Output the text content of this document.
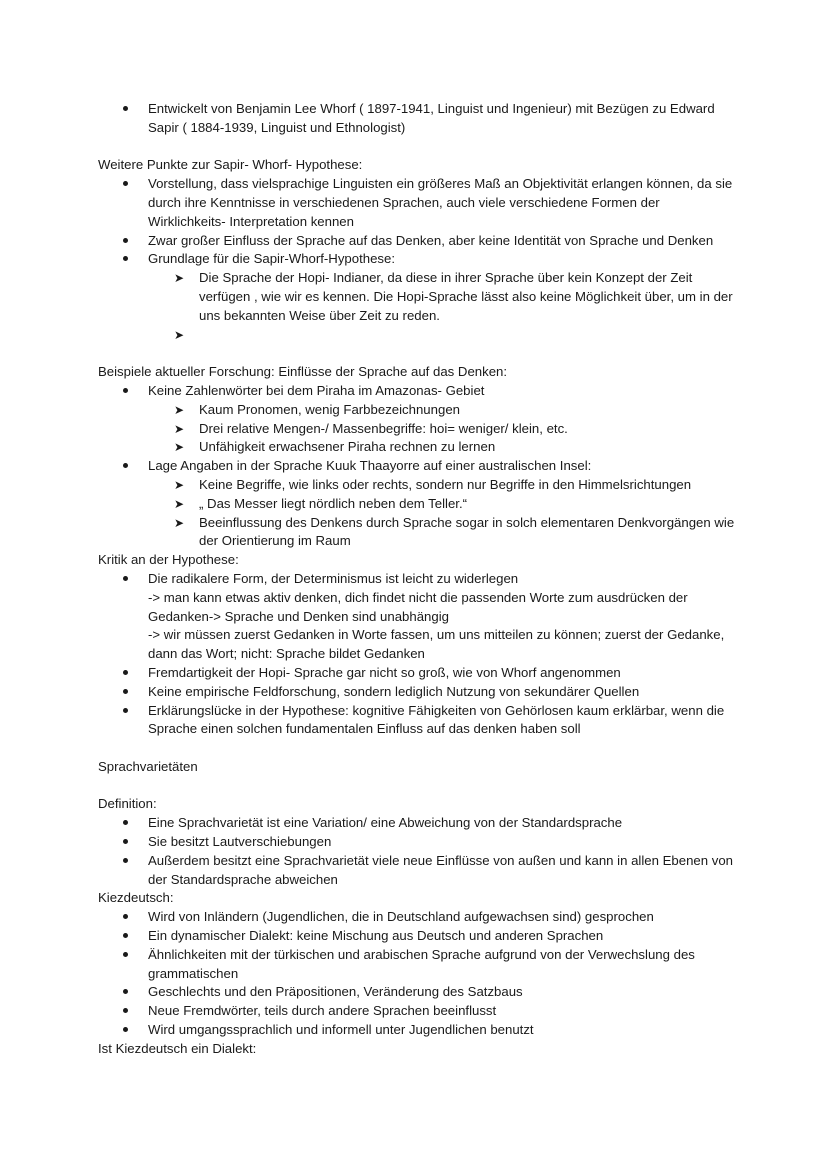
Entwickelt von Benjamin Lee Whorf ( 1897-1941, Linguist und Ingenieur) mit Bezügen zu Edward Sapir ( 1884-1939, Linguist und Ethnologist)
Weitere Punkte zur Sapir- Whorf- Hypothese:
Vorstellung, dass vielsprachige Linguisten ein größeres Maß an Objektivität erlangen können, da sie durch ihre Kenntnisse in verschiedenen Sprachen, auch viele verschiedene Formen der Wirklichkeits- Interpretation kennen
Zwar großer Einfluss der Sprache auf das Denken, aber keine Identität von Sprache und Denken
Grundlage für die Sapir-Whorf-Hypothese:
➤ Die Sprache der Hopi- Indianer, da diese in ihrer Sprache über kein Konzept der Zeit verfügen , wie wir es kennen. Die Hopi-Sprache lässt also keine Möglichkeit über, um in der uns bekannten Weise über Zeit zu reden.
➤
Beispiele aktueller Forschung: Einflüsse der Sprache auf das Denken:
Keine Zahlenwörter bei dem Piraha im Amazonas- Gebiet
➤ Kaum Pronomen, wenig Farbbezeichnungen
➤ Drei relative Mengen-/ Massenbegriffe: hoi= weniger/ klein, etc.
➤ Unfähigkeit erwachsener Piraha rechnen zu lernen
Lage Angaben in der Sprache Kuuk Thaayorre auf einer australischen Insel:
➤ Keine Begriffe, wie links oder rechts, sondern nur Begriffe in den Himmelsrichtungen
➤ „ Das Messer liegt nördlich neben dem Teller.“
➤ Beeinflussung des Denkens durch Sprache sogar in solch elementaren Denkvorgängen wie der Orientierung im Raum
Kritik an der Hypothese:
Die radikalere Form, der Determinismus ist leicht zu widerlegen
-> man kann etwas aktiv denken, dich findet nicht die passenden Worte zum ausdrücken der Gedanken-> Sprache und Denken sind unabhängig
-> wir müssen zuerst Gedanken in Worte fassen, um uns mitteilen zu können; zuerst der Gedanke, dann das Wort; nicht: Sprache bildet Gedanken
Fremdartigkeit der Hopi- Sprache gar nicht so groß, wie von Whorf angenommen
Keine empirische Feldforschung, sondern lediglich Nutzung von sekundärer Quellen
Erklärungslücke in der Hypothese: kognitive Fähigkeiten von Gehörlosen kaum erklärbar, wenn die Sprache einen solchen fundamentalen Einfluss auf das denken haben soll
Sprachvarietäten
Definition:
Eine Sprachvarietät ist eine Variation/ eine Abweichung von der Standardsprache
Sie besitzt Lautverschiebungen
Außerdem besitzt eine Sprachvarietät viele neue Einflüsse von außen und kann in allen Ebenen von der Standardsprache abweichen
Kiezdeutsch:
Wird von Inländern (Jugendlichen, die in Deutschland aufgewachsen sind) gesprochen
Ein dynamischer Dialekt: keine Mischung aus Deutsch und anderen Sprachen
Ähnlichkeiten mit der türkischen und arabischen Sprache aufgrund von der Verwechslung des grammatischen
Geschlechts und den Präpositionen, Veränderung des Satzbaus
Neue Fremdwörter, teils durch andere Sprachen beeinflusst
Wird umgangssprachlich und informell unter Jugendlichen benutzt
Ist Kiezdeutsch ein Dialekt:
